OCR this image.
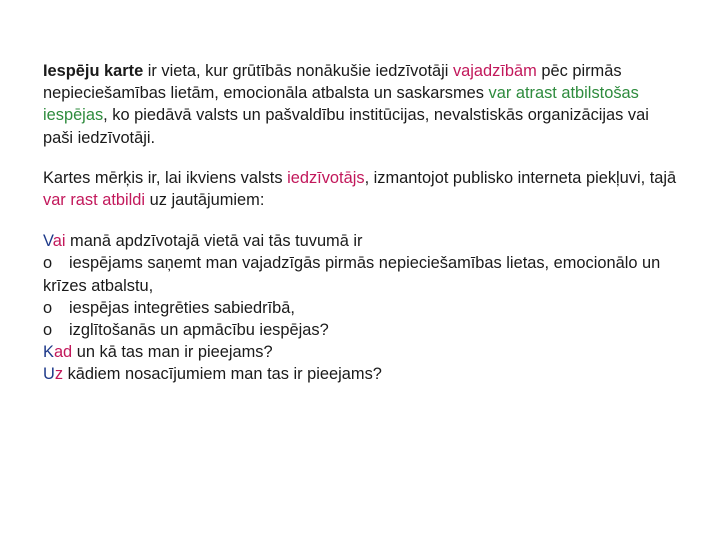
Iespēju karte ir vieta, kur grūtībās nonākušie iedzīvotāji vajadzībām pēc pirmās nepieciešamības lietām, emocionāla atbalsta un saskarsmes var atrast atbilstošas iespējas, ko piedāvā valsts un pašvaldību institūcijas, nevalstiskās organizācijas vai paši iedzīvotāji.

Kartes mērķis ir, lai ikviens valsts iedzīvotājs, izmantojot publisko interneta piekļuvi, tajā var rast atbildi uz jautājumiem:

Vai manā apdzīvotajā vietā vai tās tuvumā ir

o iespējams saņemt man vajadzīgās pirmās nepieciešamības lietas, emocionālo un krīzes atbalstu,

o iespējas integrēties sabiedrībā,

o izglītošanās un apmācību iespējas?

Kad un kā tas man ir pieejams?

Uz kādiem nosacījumiem man tas ir pieejams?
